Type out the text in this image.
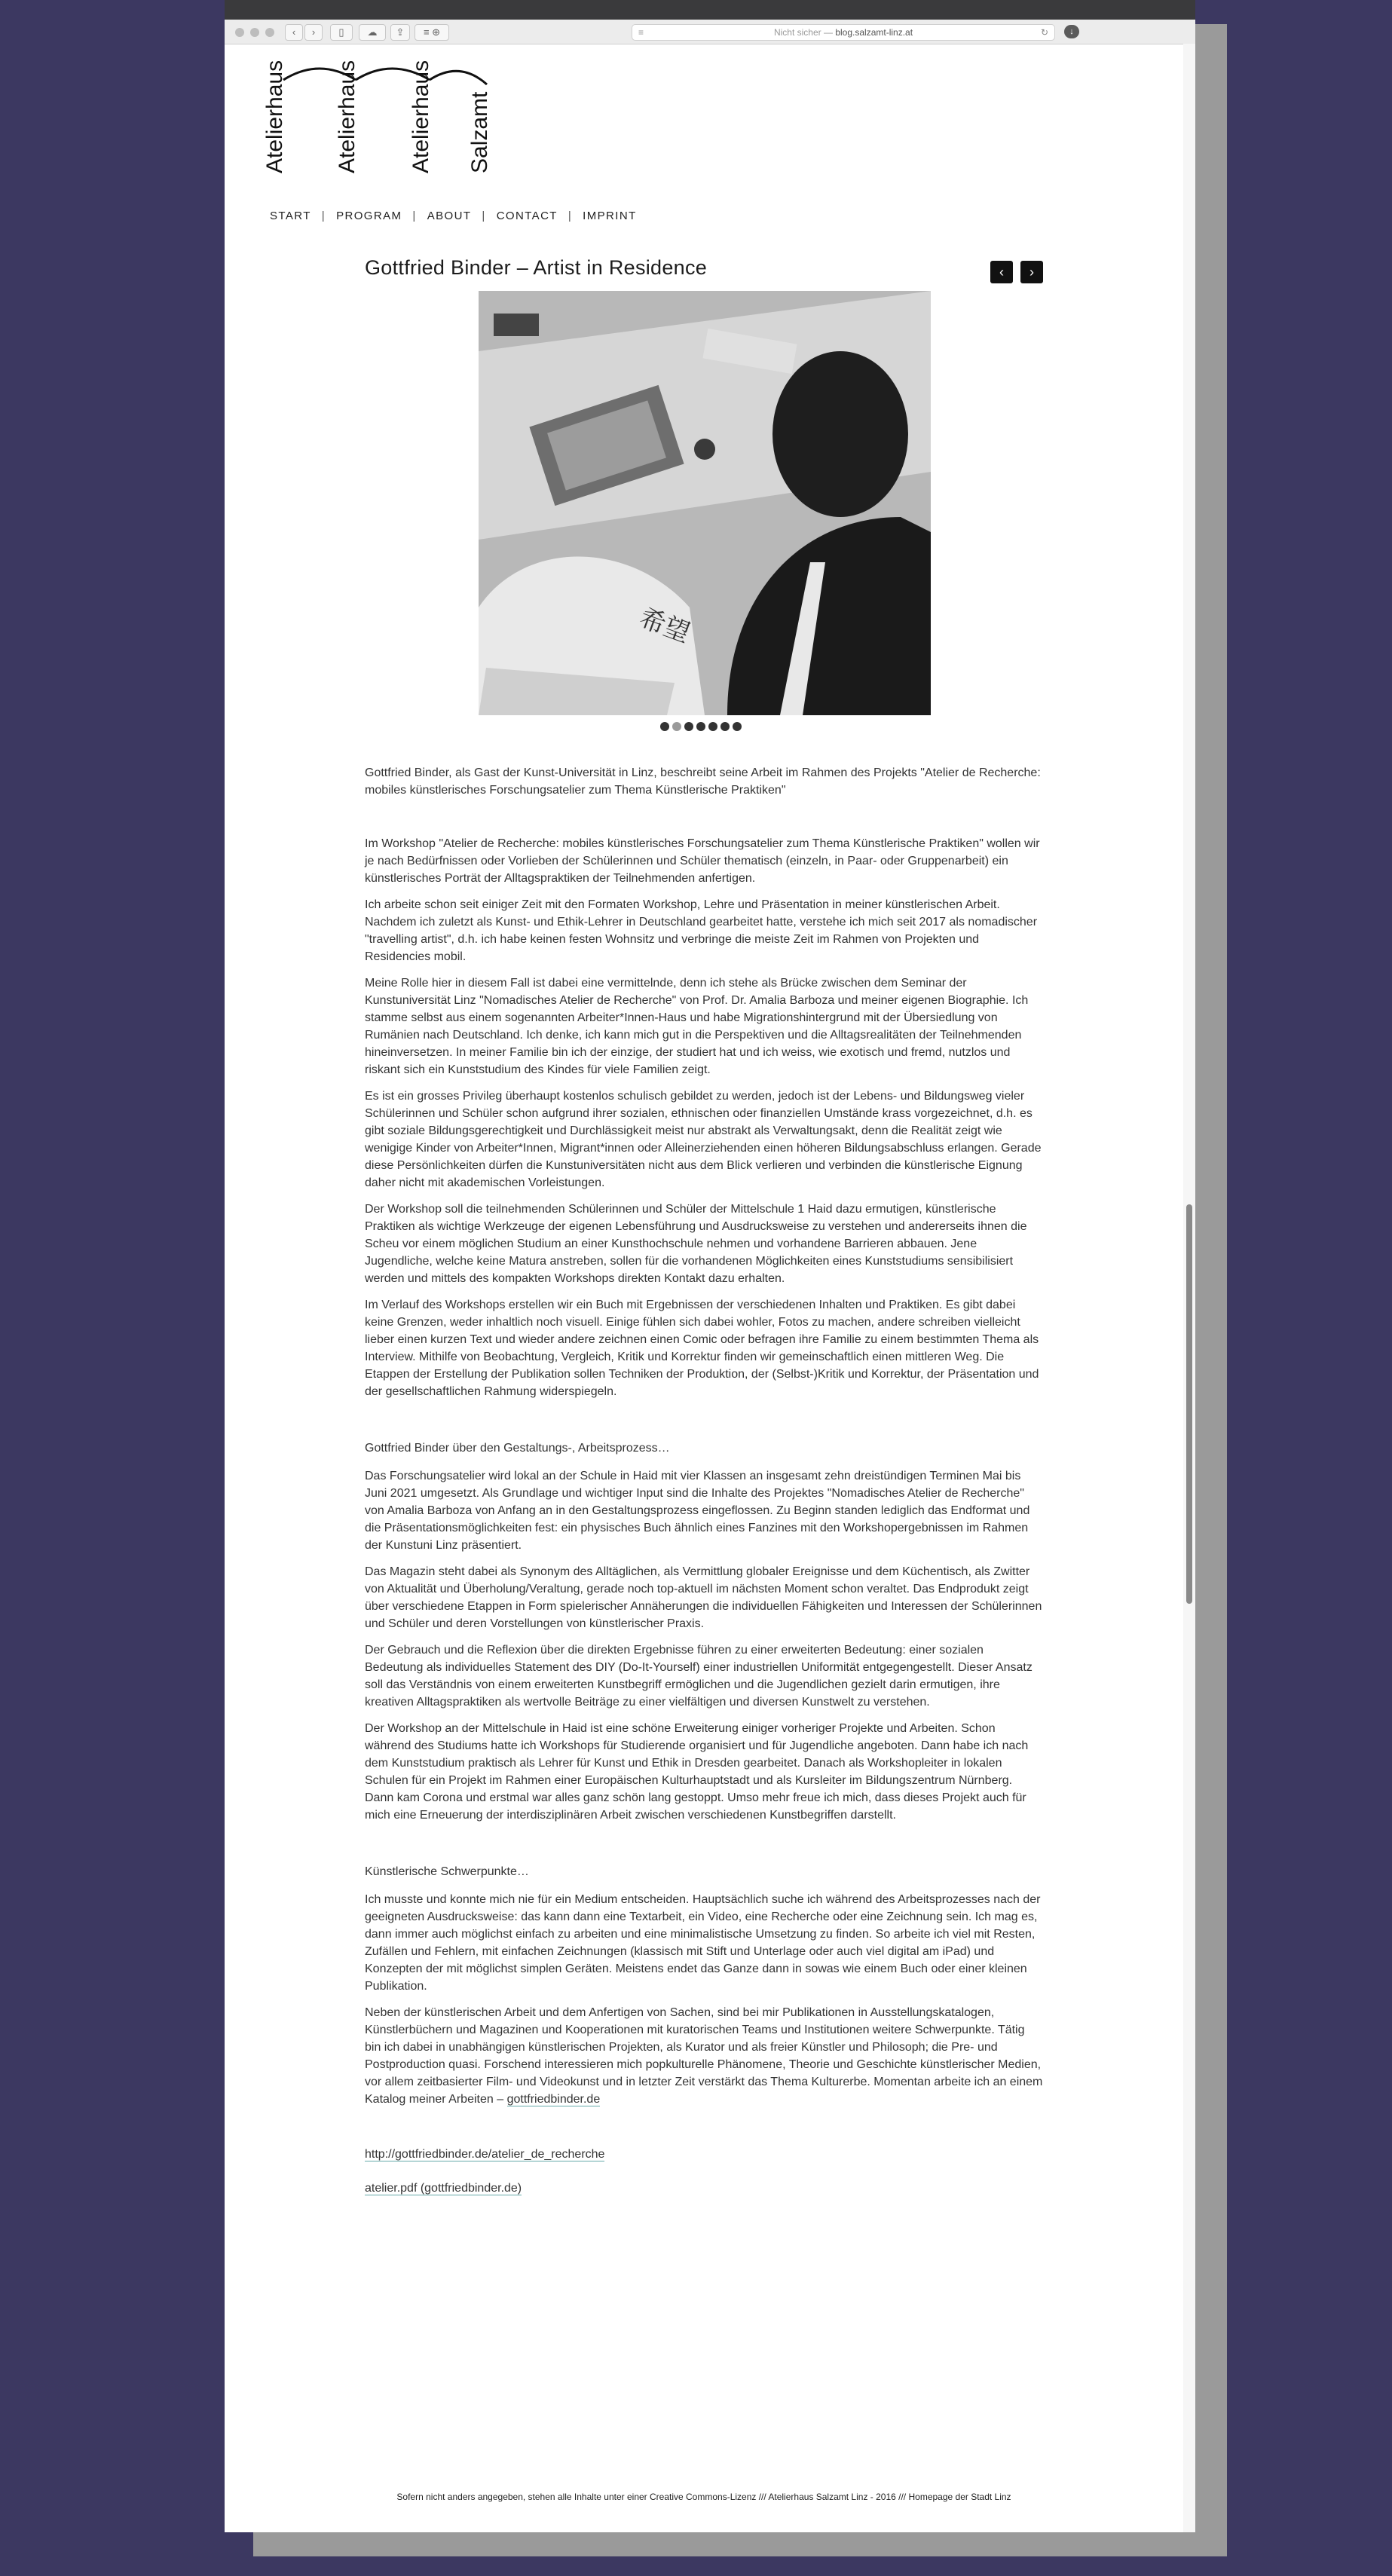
‹	›	▯	☁	⇪	≡ ⊕	≡	Nicht sicher — blog.salzamt-linz.at	↻	↓
Atelierhaus Atelierhaus Atelierhaus Salzamt
START | PROGRAM | ABOUT | CONTACT | IMPRINT
Gottfried Binder – Artist in Residence	‹	›
希望

Gottfried Binder, als Gast der Kunst-Universität in Linz, beschreibt seine Arbeit im Rahmen des Projekts "Atelier de Recherche: mobiles künstlerisches Forschungsatelier zum Thema Künstlerische Praktiken"

Im Workshop "Atelier de Recherche: mobiles künstlerisches Forschungsatelier zum Thema Künstlerische Praktiken" wollen wir je nach Bedürfnissen oder Vorlieben der Schülerinnen und Schüler thematisch (einzeln, in Paar- oder Gruppenarbeit) ein künstlerisches Porträt der Alltagspraktiken der Teilnehmenden anfertigen.

Ich arbeite schon seit einiger Zeit mit den Formaten Workshop, Lehre und Präsentation in meiner künstlerischen Arbeit. Nachdem ich zuletzt als Kunst- und Ethik-Lehrer in Deutschland gearbeitet hatte, verstehe ich mich seit 2017 als nomadischer "travelling artist", d.h. ich habe keinen festen Wohnsitz und verbringe die meiste Zeit im Rahmen von Projekten und Residencies mobil.

Meine Rolle hier in diesem Fall ist dabei eine vermittelnde, denn ich stehe als Brücke zwischen dem Seminar der Kunstuniversität Linz "Nomadisches Atelier de Recherche" von Prof. Dr. Amalia Barboza und meiner eigenen Biographie. Ich stamme selbst aus einem sogenannten Arbeiter*Innen-Haus und habe Migrationshintergrund mit der Übersiedlung von Rumänien nach Deutschland. Ich denke, ich kann mich gut in die Perspektiven und die Alltagsrealitäten der Teilnehmenden hineinversetzen. In meiner Familie bin ich der einzige, der studiert hat und ich weiss, wie exotisch und fremd, nutzlos und riskant sich ein Kunststudium des Kindes für viele Familien zeigt.

Es ist ein grosses Privileg überhaupt kostenlos schulisch gebildet zu werden, jedoch ist der Lebens- und Bildungsweg vieler Schülerinnen und Schüler schon aufgrund ihrer sozialen, ethnischen oder finanziellen Umstände krass vorgezeichnet, d.h. es gibt soziale Bildungsgerechtigkeit und Durchlässigkeit meist nur abstrakt als Verwaltungsakt, denn die Realität zeigt wie wenigige Kinder von Arbeiter*Innen, Migrant*innen oder Alleinerziehenden einen höheren Bildungsabschluss erlangen. Gerade diese Persönlichkeiten dürfen die Kunstuniversitäten nicht aus dem Blick verlieren und verbinden die künstlerische Eignung daher nicht mit akademischen Vorleistungen.

Der Workshop soll die teilnehmenden Schülerinnen und Schüler der Mittelschule 1 Haid dazu ermutigen, künstlerische Praktiken als wichtige Werkzeuge der eigenen Lebensführung und Ausdrucksweise zu verstehen und andererseits ihnen die Scheu vor einem möglichen Studium an einer Kunsthochschule nehmen und vorhandene Barrieren abbauen. Jene Jugendliche, welche keine Matura anstreben, sollen für die vorhandenen Möglichkeiten eines Kunststudiums sensibilisiert werden und mittels des kompakten Workshops direkten Kontakt dazu erhalten.

Im Verlauf des Workshops erstellen wir ein Buch mit Ergebnissen der verschiedenen Inhalten und Praktiken. Es gibt dabei keine Grenzen, weder inhaltlich noch visuell. Einige fühlen sich dabei wohler, Fotos zu machen, andere schreiben vielleicht lieber einen kurzen Text und wieder andere zeichnen einen Comic oder befragen ihre Familie zu einem bestimmten Thema als Interview. Mithilfe von Beobachtung, Vergleich, Kritik und Korrektur finden wir gemeinschaftlich einen mittleren Weg. Die Etappen der Erstellung der Publikation sollen Techniken der Produktion, der (Selbst-)Kritik und Korrektur, der Präsentation und der gesellschaftlichen Rahmung widerspiegeln.

Gottfried Binder über den Gestaltungs-, Arbeitsprozess…

Das Forschungsatelier wird lokal an der Schule in Haid mit vier Klassen an insgesamt zehn dreistündigen Terminen Mai bis Juni 2021 umgesetzt. Als Grundlage und wichtiger Input sind die Inhalte des Projektes "Nomadisches Atelier de Recherche" von Amalia Barboza von Anfang an in den Gestaltungsprozess eingeflossen. Zu Beginn standen lediglich das Endformat und die Präsentationsmöglichkeiten fest: ein physisches Buch ähnlich eines Fanzines mit den Workshopergebnissen im Rahmen der Kunstuni Linz präsentiert.

Das Magazin steht dabei als Synonym des Alltäglichen, als Vermittlung globaler Ereignisse und dem Küchentisch, als Zwitter von Aktualität und Überholung/Veraltung, gerade noch top-aktuell im nächsten Moment schon veraltet. Das Endprodukt zeigt über verschiedene Etappen in Form spielerischer Annäherungen die individuellen Fähigkeiten und Interessen der Schülerinnen und Schüler und deren Vorstellungen von künstlerischer Praxis.

Der Gebrauch und die Reflexion über die direkten Ergebnisse führen zu einer erweiterten Bedeutung: einer sozialen Bedeutung als individuelles Statement des DIY (Do-It-Yourself) einer industriellen Uniformität entgegengestellt. Dieser Ansatz soll das Verständnis von einem erweiterten Kunstbegriff ermöglichen und die Jugendlichen gezielt darin ermutigen, ihre kreativen Alltagspraktiken als wertvolle Beiträge zu einer vielfältigen und diversen Kunstwelt zu verstehen.

Der Workshop an der Mittelschule in Haid ist eine schöne Erweiterung einiger vorheriger Projekte und Arbeiten. Schon während des Studiums hatte ich Workshops für Studierende organisiert und für Jugendliche angeboten. Dann habe ich nach dem Kunststudium praktisch als Lehrer für Kunst und Ethik in Dresden gearbeitet. Danach als Workshopleiter in lokalen Schulen für ein Projekt im Rahmen einer Europäischen Kulturhauptstadt und als Kursleiter im Bildungszentrum Nürnberg. Dann kam Corona und erstmal war alles ganz schön lang gestoppt. Umso mehr freue ich mich, dass dieses Projekt auch für mich eine Erneuerung der interdisziplinären Arbeit zwischen verschiedenen Kunstbegriffen darstellt.

Künstlerische Schwerpunkte…

Ich musste und konnte mich nie für ein Medium entscheiden. Hauptsächlich suche ich während des Arbeitsprozesses nach der geeigneten Ausdrucksweise: das kann dann eine Textarbeit, ein Video, eine Recherche oder eine Zeichnung sein. Ich mag es, dann immer auch möglichst einfach zu arbeiten und eine minimalistische Umsetzung zu finden. So arbeite ich viel mit Resten, Zufällen und Fehlern, mit einfachen Zeichnungen (klassisch mit Stift und Unterlage oder auch viel digital am iPad) und Konzepten der mit möglichst simplen Geräten. Meistens endet das Ganze dann in sowas wie einem Buch oder einer kleinen Publikation.

Neben der künstlerischen Arbeit und dem Anfertigen von Sachen, sind bei mir Publikationen in Ausstellungskatalogen, Künstlerbüchern und Magazinen und Kooperationen mit kuratorischen Teams und Institutionen weitere Schwerpunkte. Tätig bin ich dabei in unabhängigen künstlerischen Projekten, als Kurator und als freier Künstler und Philosoph; die Pre- und Postproduction quasi. Forschend interessieren mich popkulturelle Phänomene, Theorie und Geschichte künstlerischer Medien, vor allem zeitbasierter Film- und Videokunst und in letzter Zeit verstärkt das Thema Kulturerbe. Momentan arbeite ich an einem Katalog meiner Arbeiten – gottfriedbinder.de

http://gottfriedbinder.de/atelier_de_recherche

atelier.pdf (gottfriedbinder.de)

Sofern nicht anders angegeben, stehen alle Inhalte unter einer Creative Commons-Lizenz /// Atelierhaus Salzamt Linz - 2016 /// Homepage der Stadt Linz
